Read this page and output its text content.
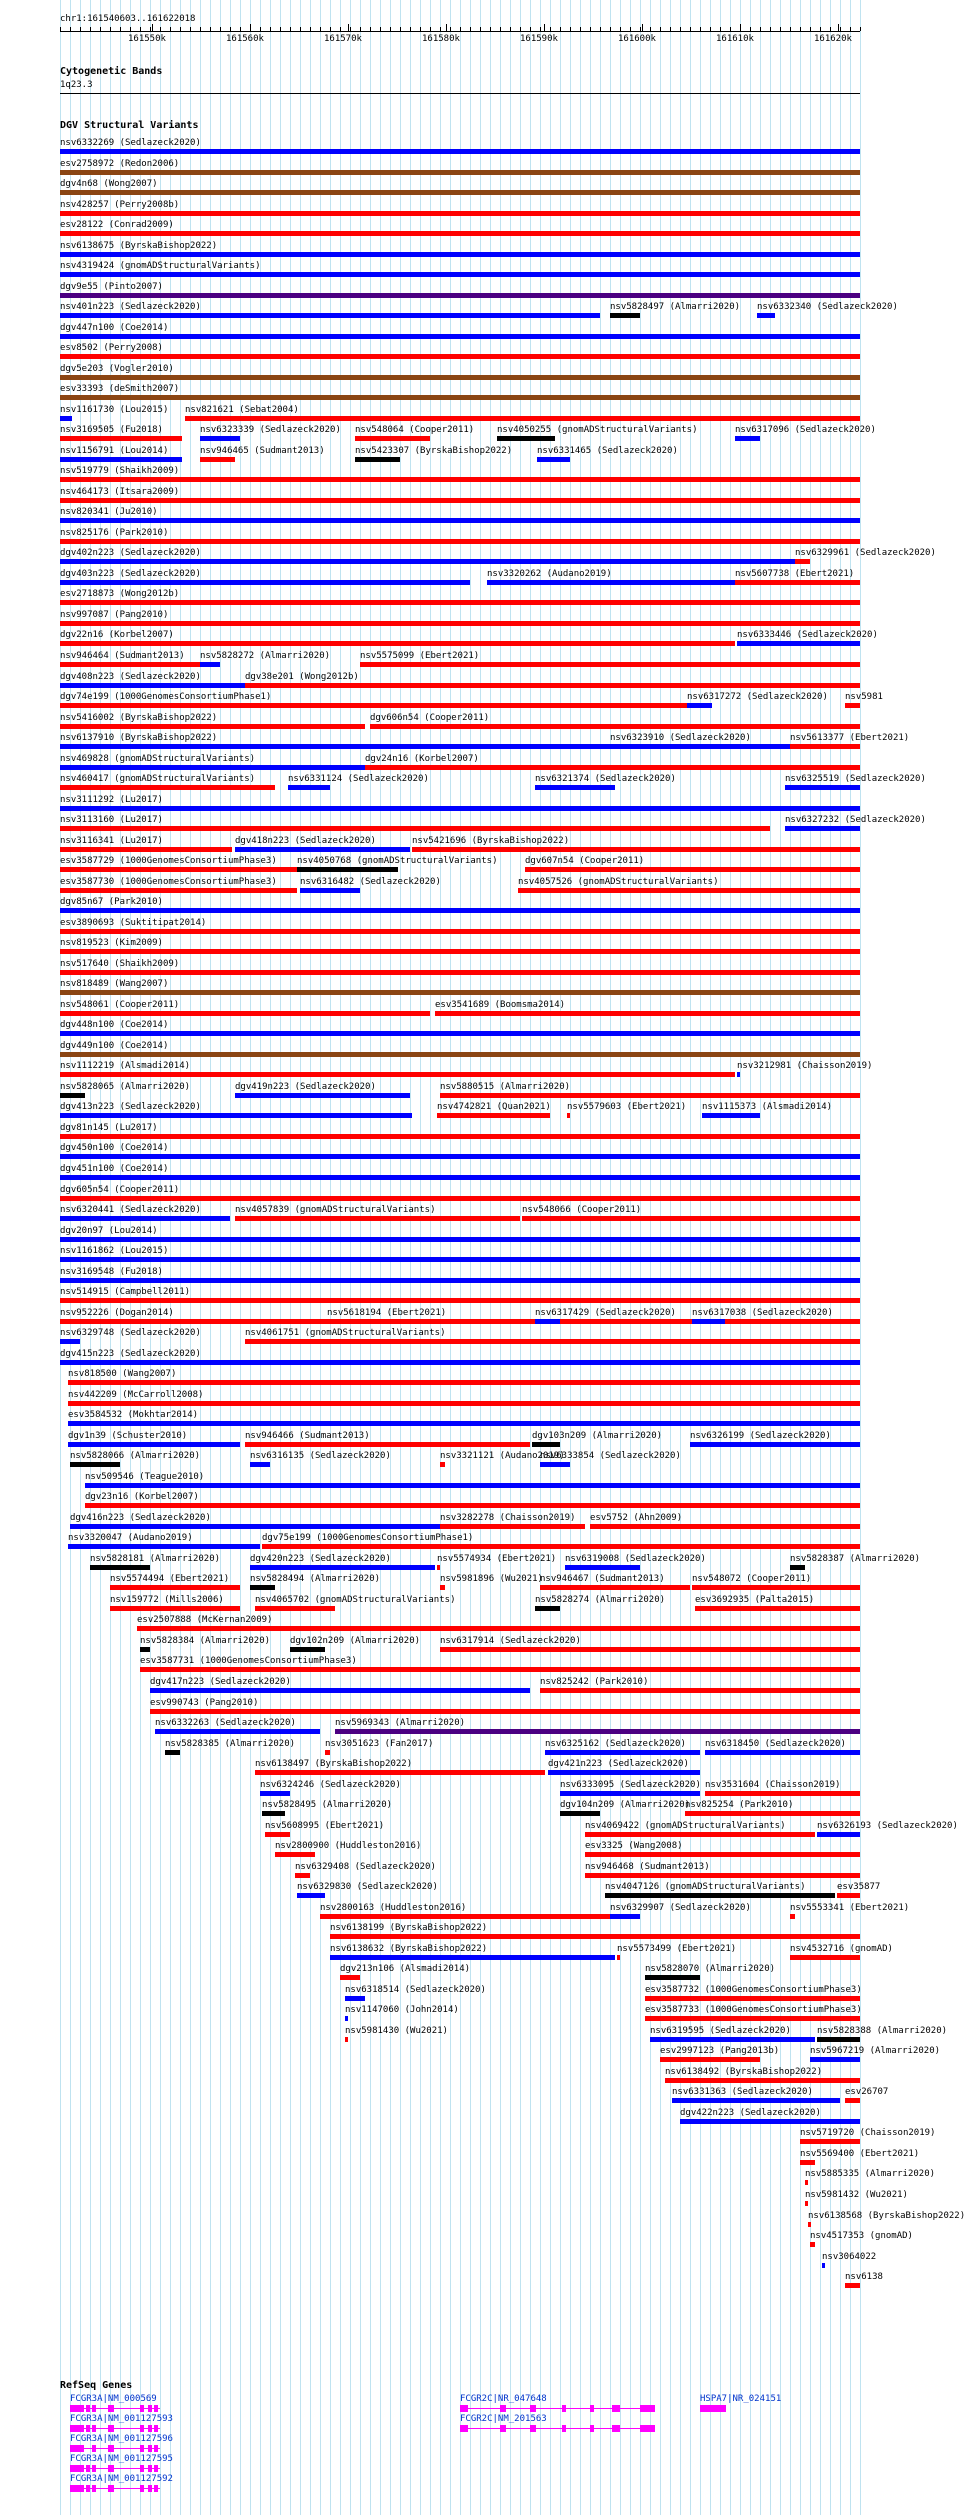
chr1:161540603..161622018
161550k	161560k	161570k	161580k	161590k	161600k	161610k	161620k
Cytogenetic Bands
1q23.3
DGV Structural Variants
nsv6332269 (Sedlazeck2020)
esv2758972 (Redon2006)
dgv4n68 (Wong2007)
nsv428257 (Perry2008b)
esv28122 (Conrad2009)
nsv6138675 (ByrskaBishop2022)
nsv4319424 (gnomADStructuralVariants)
dgv9e55 (Pinto2007)
nsv401n223 (Sedlazeck2020)	nsv5828497 (Almarri2020) nsv6332340 (Sedlazeck2020)
dgv447n100 (Coe2014)
esv8502 (Perry2008)
dgv5e203 (Vogler2010)
esv33393 (deSmith2007)
nsv1161730 (Lou2015) nsv821621 (Sebat2004)
nsv3169505 (Fu2018)	nsv6323339 (Sedlazeck2020) nsv548064 (Cooper2011)	nsv4050255 (gnomADStructuralVariants)	nsv6317096 (Sedlazeck2020)
nsv1156791 (Lou2014)	nsv946465 (Sudmant2013)	nsv5423307 (ByrskaBishop2022)	nsv6331465 (Sedlazeck2020)
nsv519779 (Shaikh2009)
nsv464173 (Itsara2009)
nsv820341 (Ju2010)
nsv825176 (Park2010)
dgv402n223 (Sedlazeck2020)	nsv6329961 (Sedlazeck2020)
dgv403n223 (Sedlazeck2020)	nsv3320262 (Audano2019)	nsv5607738 (Ebert2021)
esv2718873 (Wong2012b)
nsv997087 (Pang2010)
dgv22n16 (Korbel2007)	nsv6333446 (Sedlazeck2020)
nsv946464 (Sudmant2013) nsv5828272 (Almarri2020)	nsv5575099 (Ebert2021)
dgv408n223 (Sedlazeck2020)	dgv38e201 (Wong2012b)
dgv74e199 (1000GenomesConsortiumPhase1)	nsv6317272 (Sedlazeck2020) nsv5981
nsv5416002 (ByrskaBishop2022)	dgv606n54 (Cooper2011)
nsv6137910 (ByrskaBishop2022)	nsv6323910 (Sedlazeck2020)	nsv5613377 (Ebert2021)
nsv469828 (gnomADStructuralVariants)	dgv24n16 (Korbel2007)
nsv460417 (gnomADStructuralVariants)	nsv6331124 (Sedlazeck2020)	nsv6321374 (Sedlazeck2020)	nsv6325519 (Sedlazeck2020)
nsv3111292 (Lu2017)
nsv3113160 (Lu2017)	nsv6327232 (Sedlazeck2020)
nsv3116341 (Lu2017)	dgv418n223 (Sedlazeck2020)	nsv5421696 (ByrskaBishop2022)
esv3587729 (1000GenomesConsortiumPhase3) nsv4050768 (gnomADStructuralVariants)	dgv607n54 (Cooper2011)
esv3587730 (1000GenomesConsortiumPhase3)	nsv6316482 (Sedlazeck2020)	nsv4057526 (gnomADStructuralVariants)
dgv85n67 (Park2010)
esv3890693 (Suktitipat2014)
nsv819523 (Kim2009)
nsv517640 (Shaikh2009)
nsv818489 (Wang2007)
nsv548061 (Cooper2011)	esv3541689 (Boomsma2014)
dgv448n100 (Coe2014)
dgv449n100 (Coe2014)
nsv1112219 (Alsmadi2014)	nsv3212981 (Chaisson2019)
nsv5828065 (Almarri2020)	dgv419n223 (Sedlazeck2020)	nsv5880515 (Almarri2020)
dgv413n223 (Sedlazeck2020)	nsv4742821 (Quan2021) nsv5579603 (Ebert2021) nsv1115373 (Alsmadi2014)
dgv81n145 (Lu2017)
dgv450n100 (Coe2014)
dgv451n100 (Coe2014)
dgv605n54 (Cooper2011)
nsv6320441 (Sedlazeck2020)	nsv4057839 (gnomADStructuralVariants)	nsv548066 (Cooper2011)
dgv20n97 (Lou2014)
nsv1161862 (Lou2015)
nsv3169548 (Fu2018)
nsv514915 (Campbell2011)
nsv952226 (Dogan2014)	nsv5618194 (Ebert2021)	nsv6317429 (Sedlazeck2020) nsv6317038 (Sedlazeck2020)
nsv6329748 (Sedlazeck2020)	nsv4061751 (gnomADStructuralVariants)
dgv415n223 (Sedlazeck2020)
nsv818500 (Wang2007)
nsv442209 (McCarroll2008)
esv3584532 (Mokhtar2014)
dgv1n39 (Schuster2010)	nsv946466 (Sudmant2013)	dgv103n209 (Almarri2020)	nsv6326199 (Sedlazeck2020)
nsv5828066 (Almarri2020)	nsv6316135 (Sedlazeck2020)	nsv3321121 (Audano2019)
nsv6333854 (Sedlazeck2020)
nsv509546 (Teague2010)
dgv23n16 (Korbel2007)
dgv416n223 (Sedlazeck2020)	nsv3282278 (Chaisson2019) esv5752 (Ahn2009)
nsv3320047 (Audano2019)	dgv75e199 (1000GenomesConsortiumPhase1)
nsv5828181 (Almarri2020)	dgv420n223 (Sedlazeck2020)	nsv5574934 (Ebert2021) nsv6319008 (Sedlazeck2020)	nsv5828387 (Almarri2020)
nsv5574494 (Ebert2021) nsv5828494 (Almarri2020)	nsv5981896 (Wu2021)
nsv946467 (Sudmant2013)	nsv548072 (Cooper2011)
nsv159772 (Mills2006)	nsv4065702 (gnomADStructuralVariants)	nsv5828274 (Almarri2020)	esv3692935 (Palta2015)
esv2507888 (McKernan2009)
nsv5828384 (Almarri2020) dgv102n209 (Almarri2020) nsv6317914 (Sedlazeck2020)
esv3587731 (1000GenomesConsortiumPhase3)
dgv417n223 (Sedlazeck2020)	nsv825242 (Park2010)
esv990743 (Pang2010)
nsv6332263 (Sedlazeck2020)	nsv5969343 (Almarri2020)
nsv5828385 (Almarri2020)	nsv3051623 (Fan2017)	nsv6325162 (Sedlazeck2020) nsv6318450 (Sedlazeck2020)
nsv6138497 (ByrskaBishop2022)	dgv421n223 (Sedlazeck2020)
nsv6324246 (Sedlazeck2020)	nsv6333095 (Sedlazeck2020) nsv3531604 (Chaisson2019)
nsv5828495 (Almarri2020)	dgv104n209 (Almarri2020)
nsv825254 (Park2010)
nsv5608995 (Ebert2021)	nsv4069422 (gnomADStructuralVariants)	nsv6326193 (Sedlazeck2020)
nsv2800900 (Huddleston2016)	esv3325 (Wang2008)
nsv6329408 (Sedlazeck2020)	nsv946468 (Sudmant2013)
nsv6329830 (Sedlazeck2020)	nsv4047126 (gnomADStructuralVariants)	esv35877
nsv2800163 (Huddleston2016)	nsv6329907 (Sedlazeck2020)	nsv5553341 (Ebert2021)
nsv6138199 (ByrskaBishop2022)
nsv6138632 (ByrskaBishop2022)	nsv5573499 (Ebert2021)	nsv4532716 (gnomAD)
dgv213n106 (Alsmadi2014)	nsv5828070 (Almarri2020)
nsv6318514 (Sedlazeck2020)	esv3587732 (1000GenomesConsortiumPhase3)
nsv1147060 (John2014)	esv3587733 (1000GenomesConsortiumPhase3)
nsv5981430 (Wu2021)	nsv6319595 (Sedlazeck2020)	nsv5828388 (Almarri2020)
esv2997123 (Pang2013b)	nsv5967219 (Almarri2020)
nsv6138492 (ByrskaBishop2022)
nsv6331363 (Sedlazeck2020)	esv26707
dgv422n223 (Sedlazeck2020)
nsv5719720 (Chaisson2019)
nsv5569400 (Ebert2021)
nsv5885335 (Almarri2020)
nsv5981432 (Wu2021)
nsv6138568 (ByrskaBishop2022)
nsv4517353 (gnomAD)
nsv3064022
nsv6138
RefSeq Genes
FCGR3A|NM_000569	FCGR2C|NR_047648	HSPA7|NR_024151
FCGR3A|NM_001127593	FCGR2C|NM_201563
FCGR3A|NM_001127596
FCGR3A|NM_001127595
FCGR3A|NM_001127592
